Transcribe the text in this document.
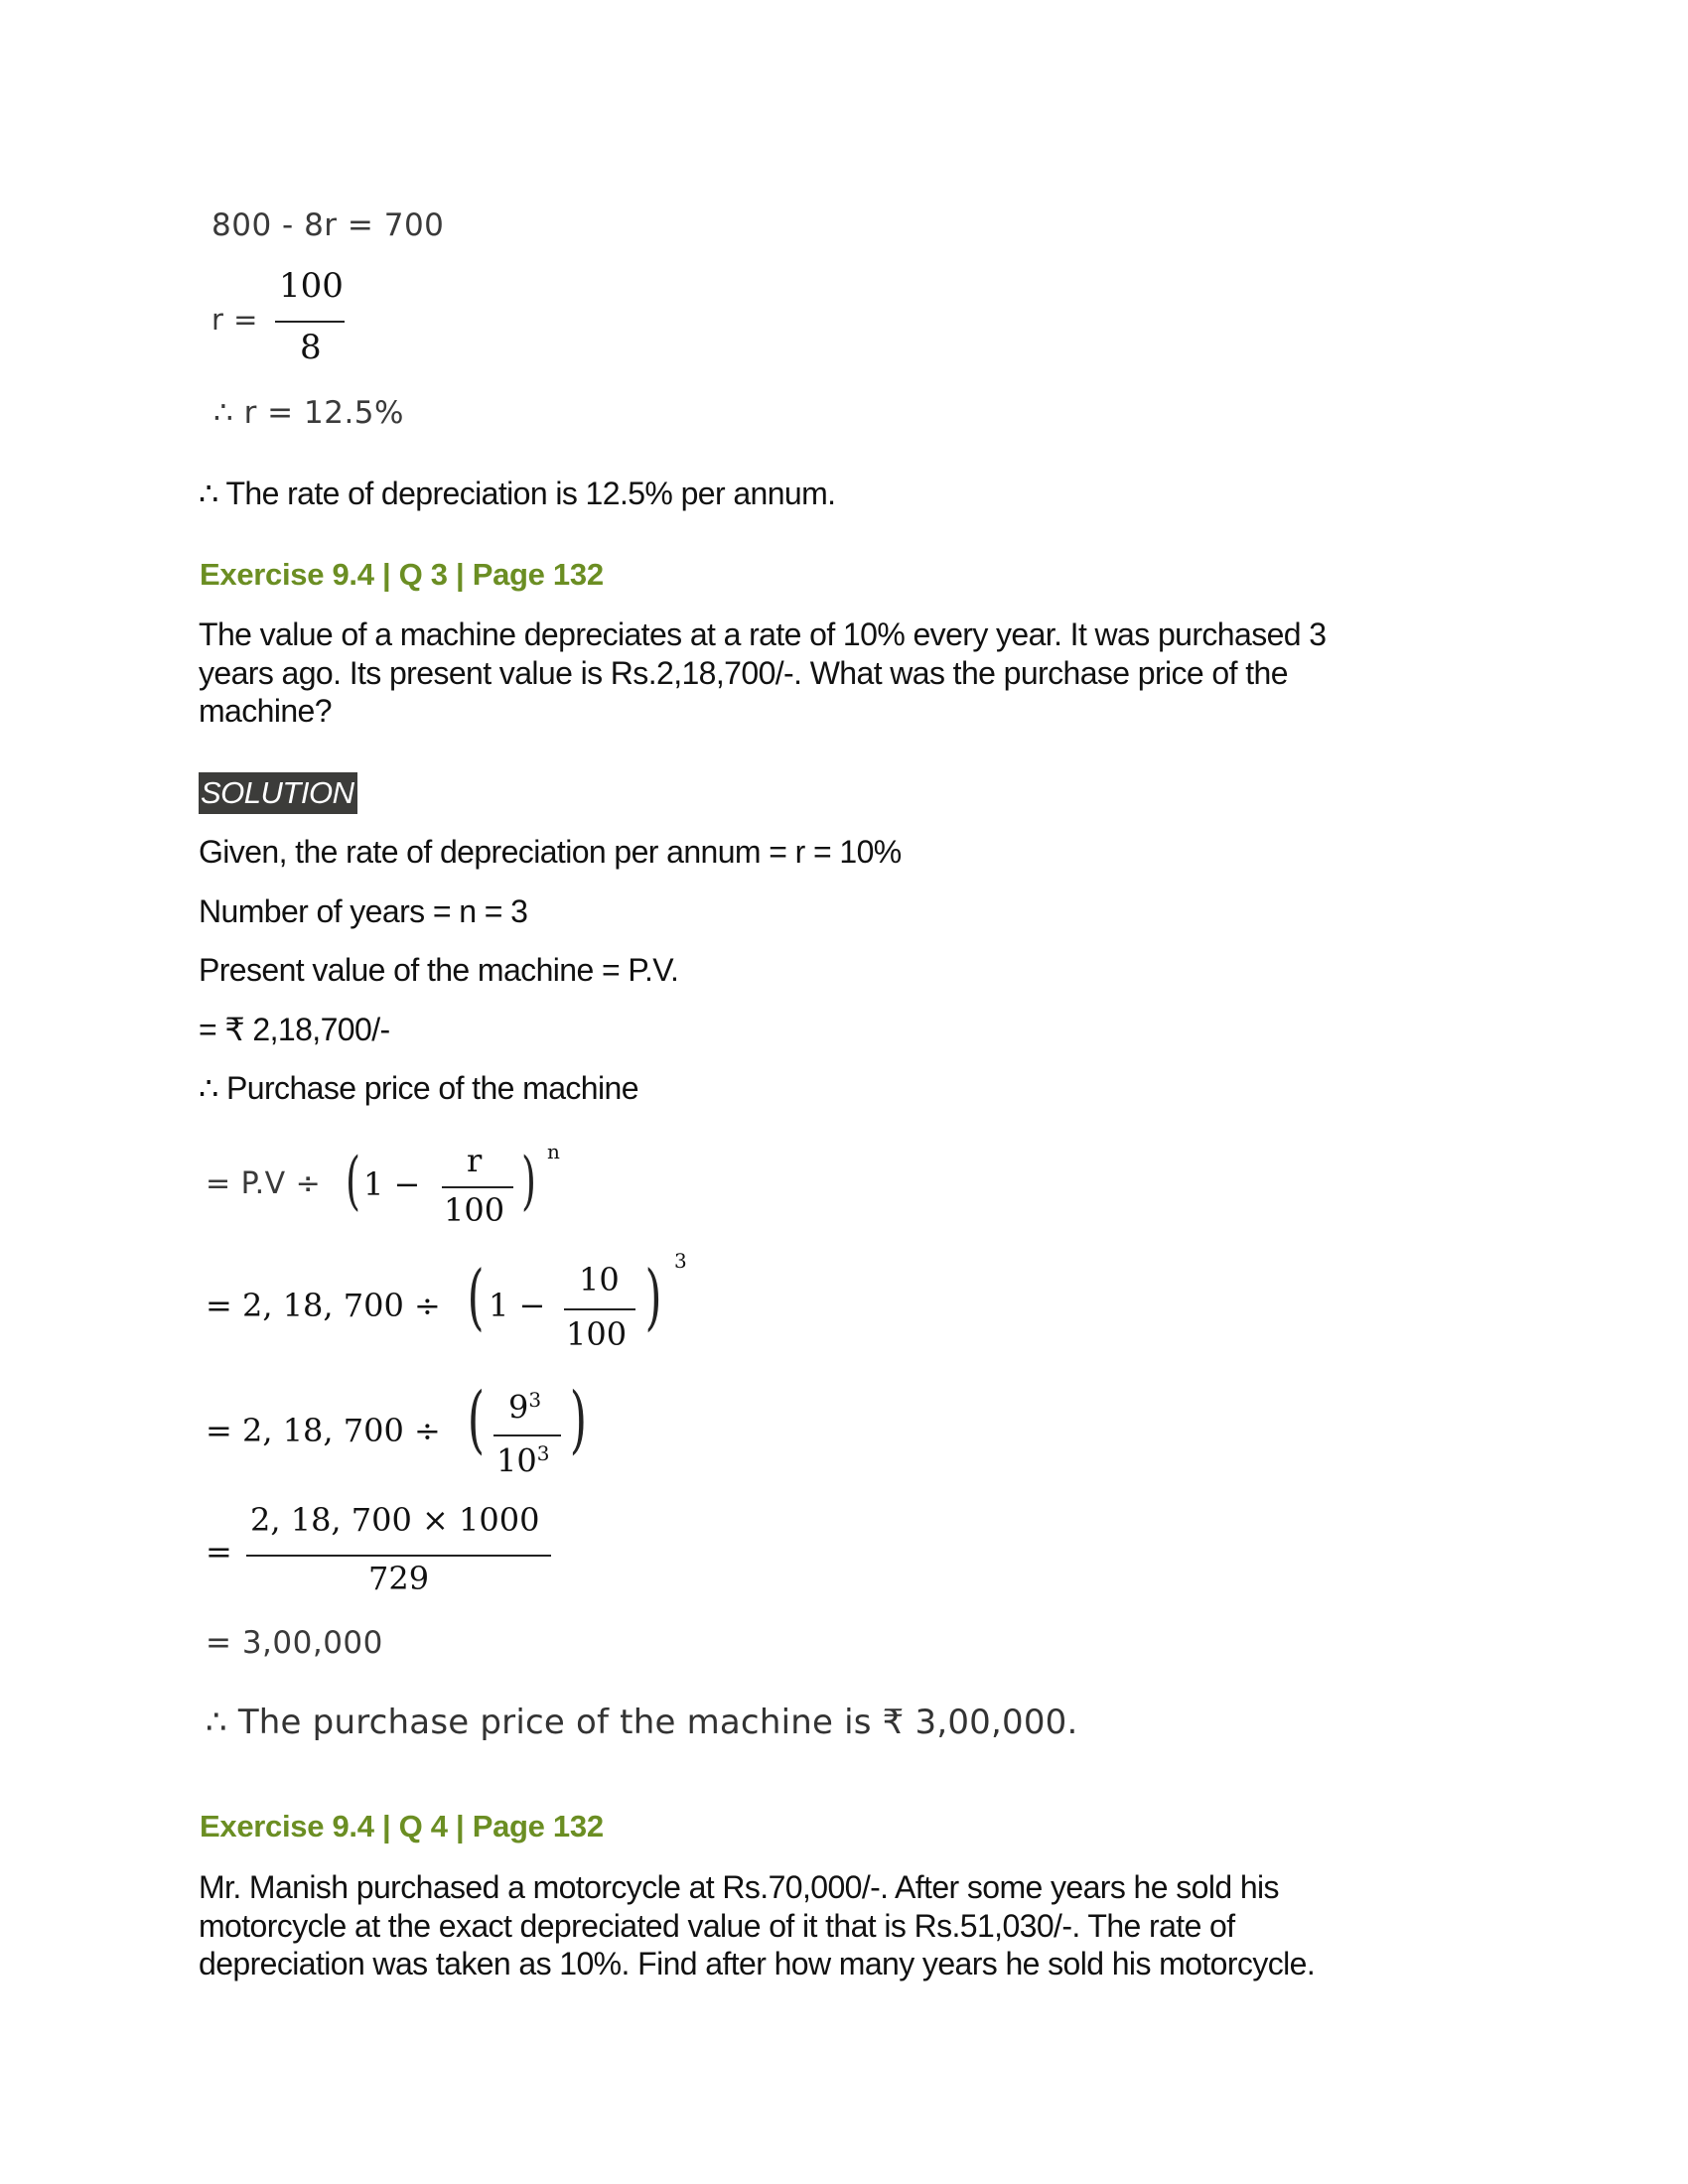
800 - 8r = 700
r =
100
8
∴ r = 12.5%
∴ The rate of depreciation is 12.5% per annum.
Exercise 9.4 | Q 3 | Page 132
The value of a machine depreciates at a rate of 10% every year. It was purchased 3
years ago. Its present value is Rs.2,18,700/-. What was the purchase price of the
machine?
SOLUTION
Given, the rate of depreciation per annum = r = 10%
Number of years = n = 3
Present value of the machine = P.V.
= ₹ 2,18,700/-
∴ Purchase price of the machine
= P.V ÷ ( 1 −
r
100 ) n
= 2, 18, 700 ÷ ( 1 −
10
100 ) 3
= 2, 18, 700 ÷ ( $9^3$
$10^3$ )
=
2, 18, 700 × 1000
729
= 3,00,000
∴ The purchase price of the machine is ₹ 3,00,000.
Exercise 9.4 | Q 4 | Page 132
Mr. Manish purchased a motorcycle at Rs.70,000/-. After some years he sold his
motorcycle at the exact depreciated value of it that is Rs.51,030/-. The rate of
depreciation was taken as 10%. Find after how many years he sold his motorcycle.
